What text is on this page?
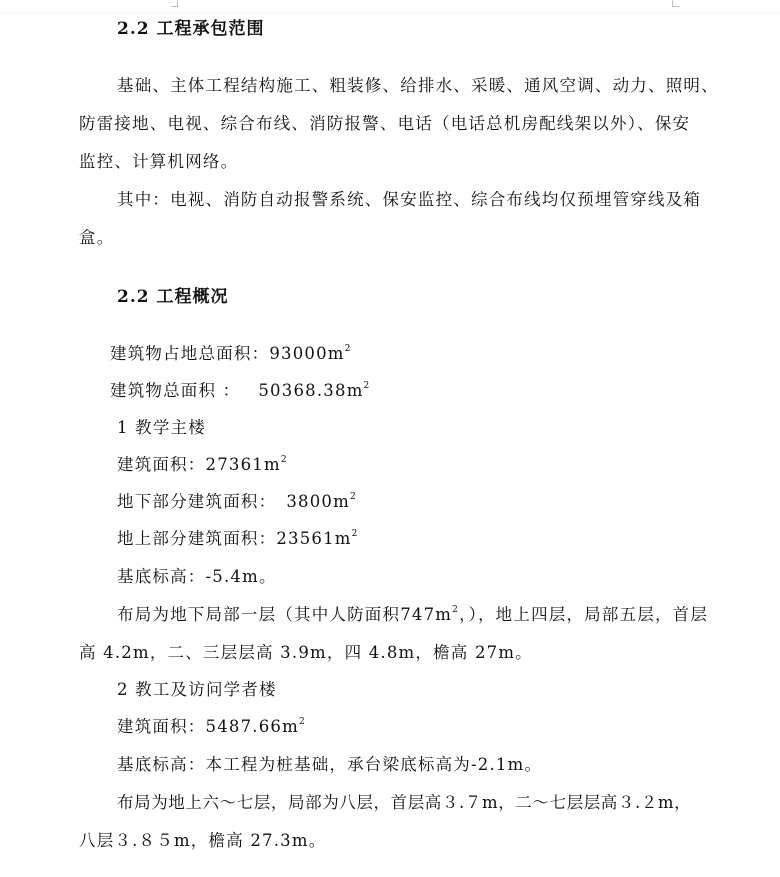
2.2 工程承包范围
基础、主体工程结构施工、粗装修、给排水、采暖、通风空调、动力、照明、
防雷接地、电视、综合布线、消防报警、电话（电话总机房配线架以外）、保安
监控、计算机网络。
其中：电视、消防自动报警系统、保安监控、综合布线均仅预埋管穿线及箱
盒。
2.2 工程概况
建筑物占地总面积：$93000m^2$
建筑物总面积 ： $50368.38m^2$
1 教学主楼
建筑面积：$27361m^2$
地下部分建筑面积： $3800m^2$
地上部分建筑面积：$23561m^2$
基底标高：-5.4m。
布局为地下局部一层（其中人防面积$747m^2$，），地上四层，局部五层，首层
高 4.2m，二、三层层高 3.9m，四 4.8m，檐高 27m。
2 教工及访问学者楼
建筑面积：$5487.66m^2$
基底标高：本工程为桩基础，承台梁底标高为-2.1m。
布局为地上六～七层，局部为八层，首层高３.７m，二～七层层高３.２m，
八层３.８５m，檐高 27.3m。
